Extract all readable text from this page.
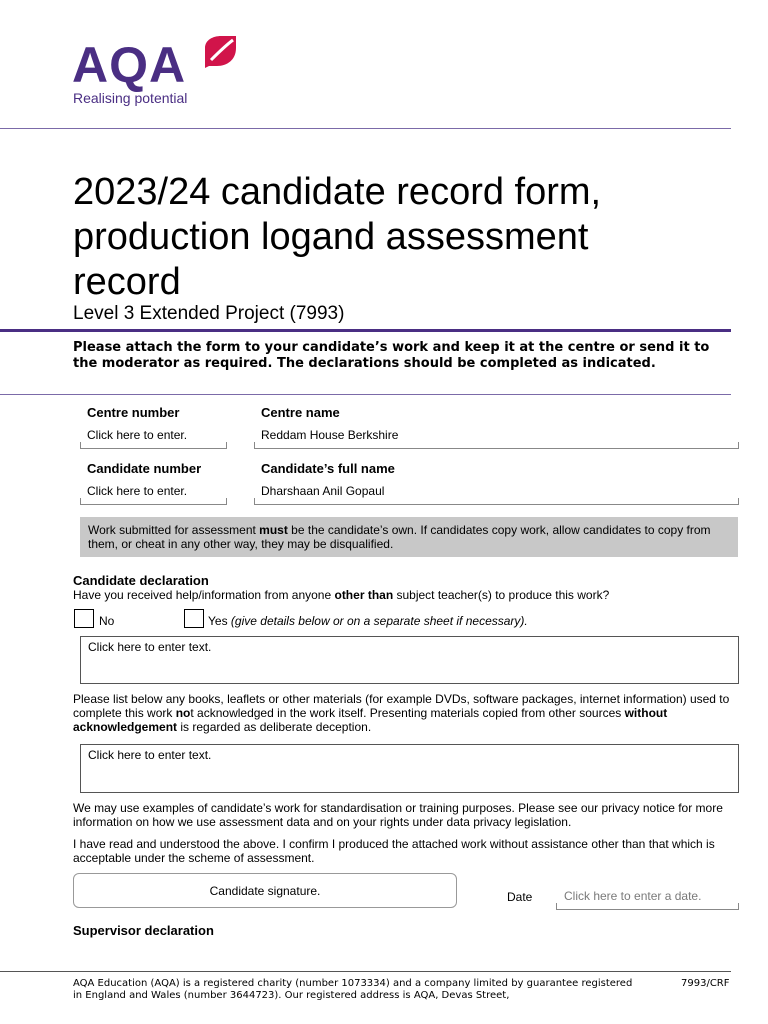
AQA
Realising potential
2023/24 candidate record form,
production logand assessment
record
Level 3 Extended Project (7993)
Please attach the form to your candidate’s work and keep it at the centre or send it to the moderator as required. The declarations should be completed as indicated.
Centre number	Centre name
Click here to enter.	Reddam House Berkshire
Candidate number	Candidate’s full name
Click here to enter.	Dharshaan Anil Gopaul
Work submitted for assessment must be the candidate’s own. If candidates copy work, allow candidates to copy from them, or cheat in any other way, they may be disqualified.
Candidate declaration
Have you received help/information from anyone other than subject teacher(s) to produce this work?
No	Yes (give details below or on a separate sheet if necessary).
Click here to enter text.
Please list below any books, leaflets or other materials (for example DVDs, software packages, internet information) used to complete this work not acknowledged in the work itself. Presenting materials copied from other sources without acknowledgement is regarded as deliberate deception.
Click here to enter text.
We may use examples of candidate’s work for standardisation or training purposes. Please see our privacy notice for more information on how we use assessment data and on your rights under data privacy legislation.
I have read and understood the above. I confirm I produced the attached work without assistance other than that which is acceptable under the scheme of assessment.
Candidate signature.	Date	Click here to enter a date.
Supervisor declaration
AQA Education (AQA) is a registered charity (number 1073334) and a company limited by guarantee registered in England and Wales (number 3644723). Our registered address is AQA, Devas Street,
7993/CRF
